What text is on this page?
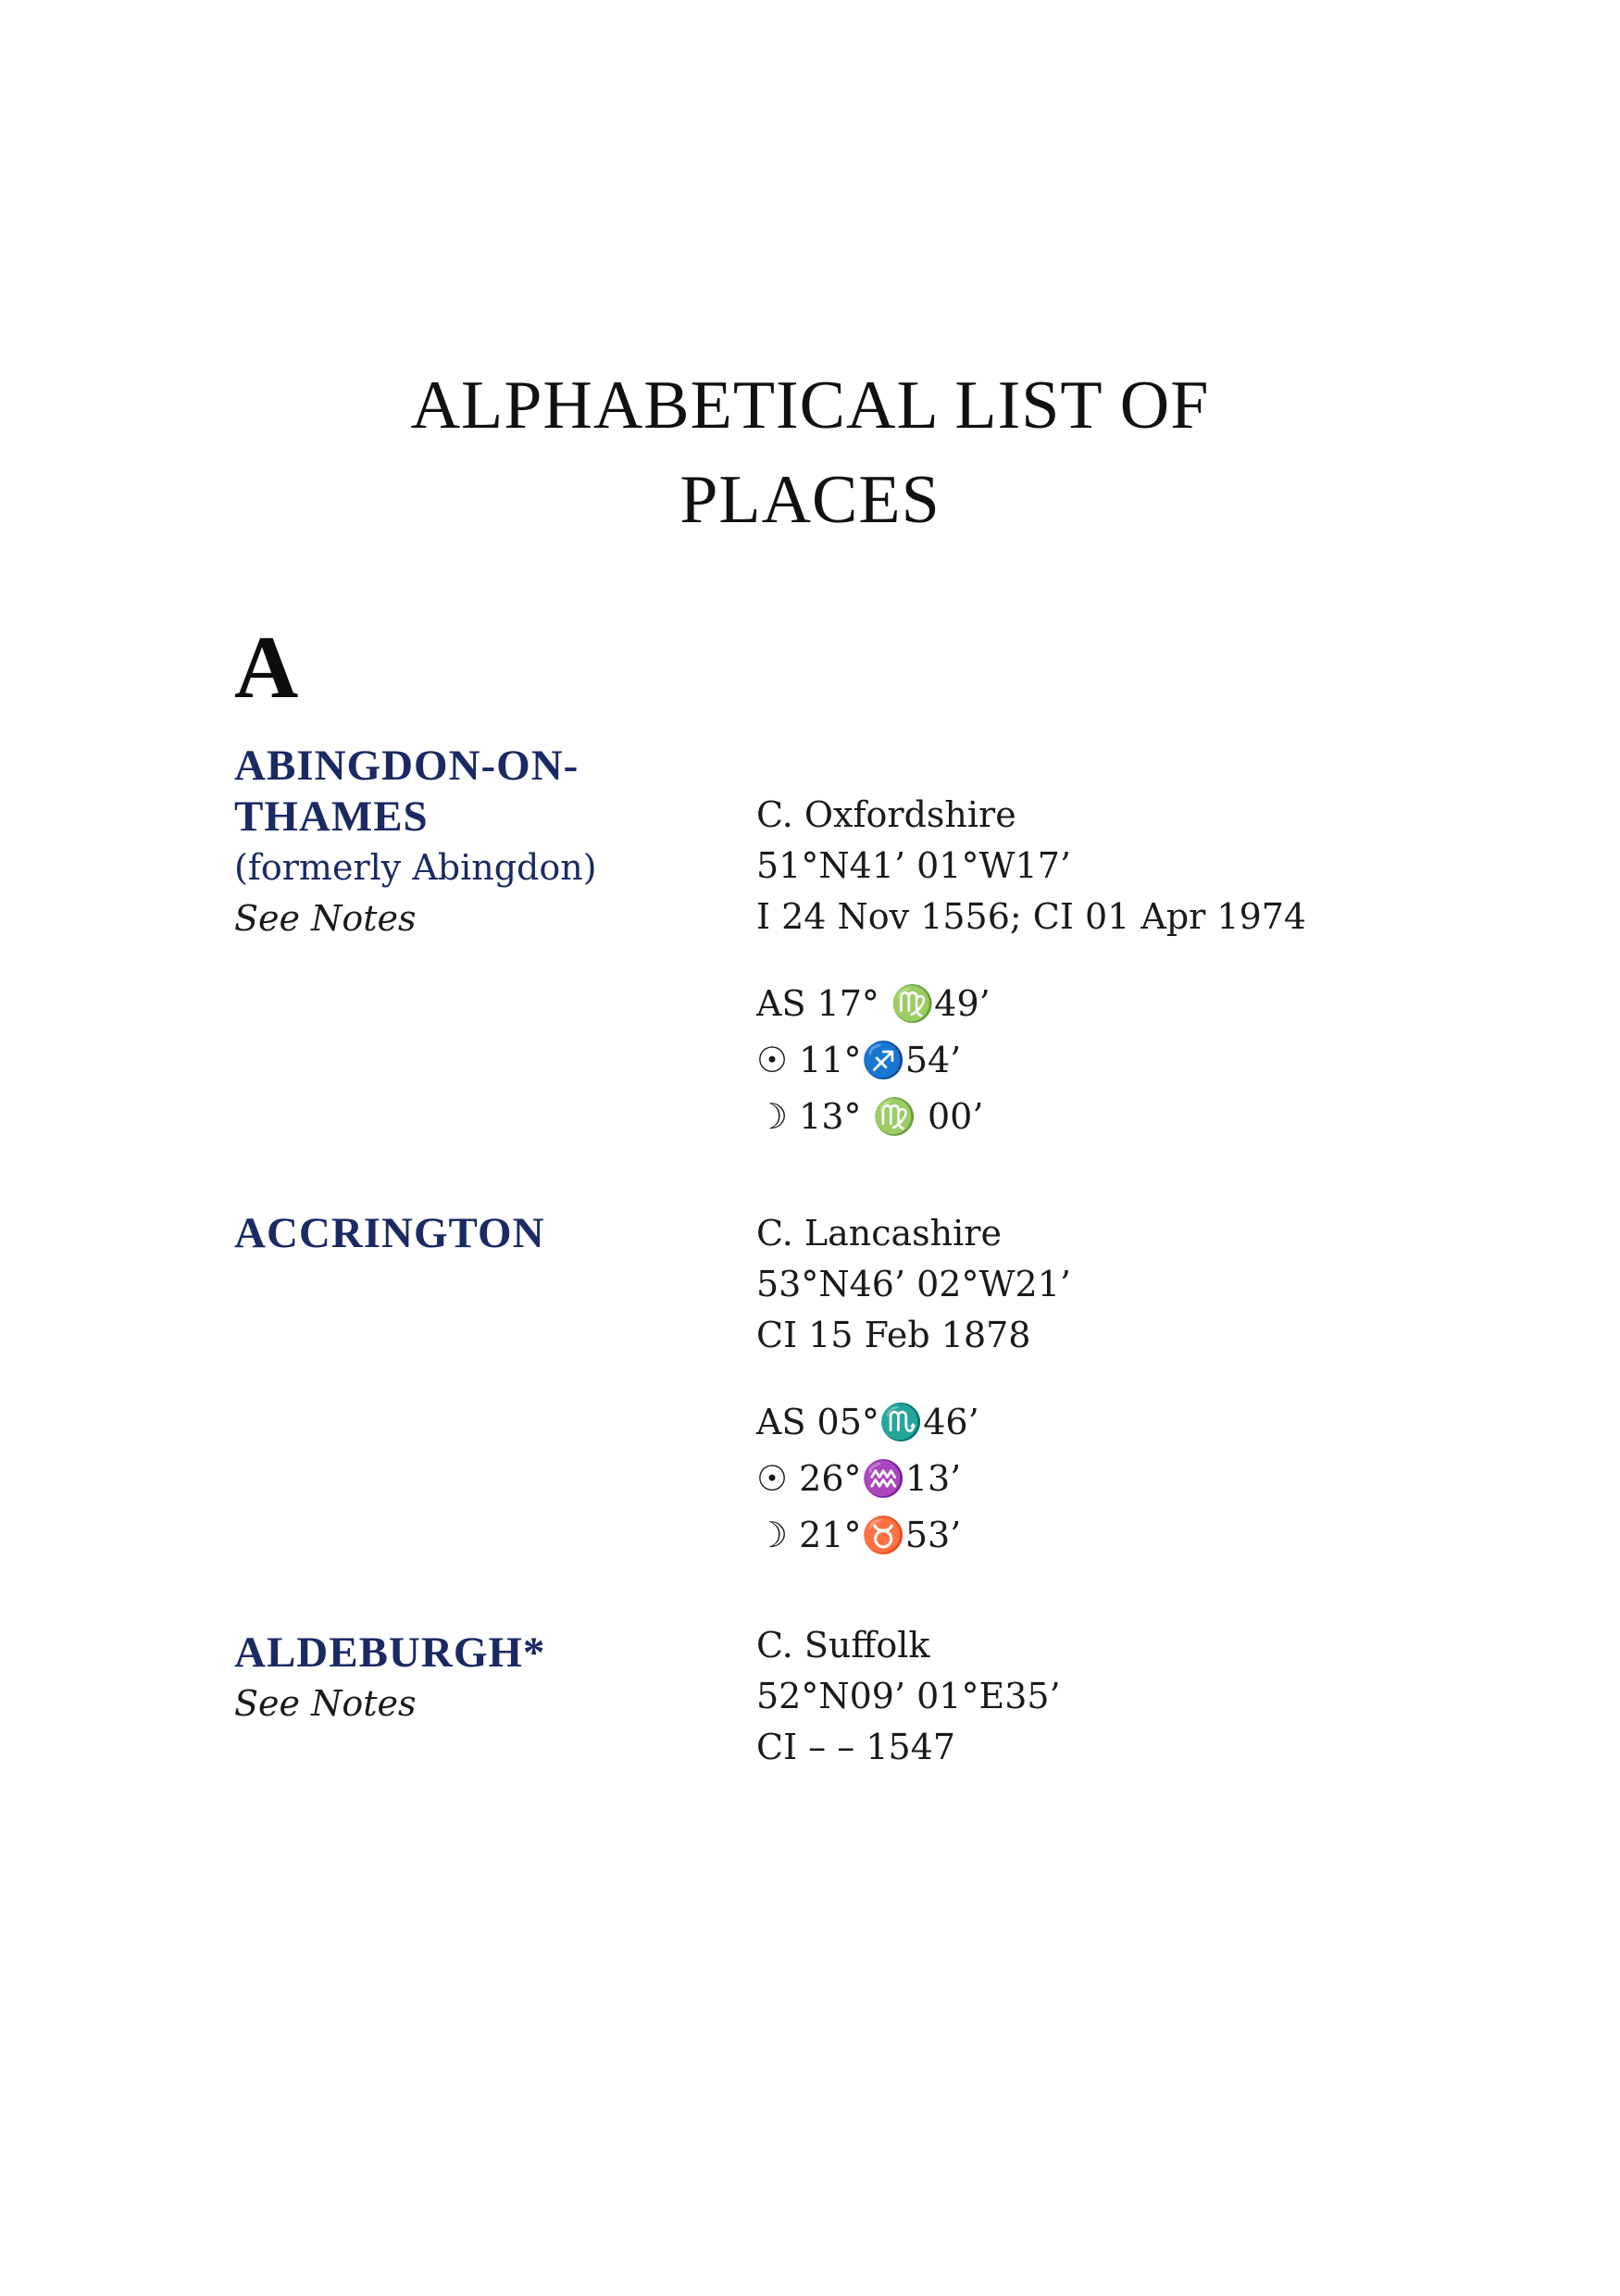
ALPHABETICAL LIST OF
PLACES
A
ABINGDON-ON-
THAMES
(formerly Abingdon)
See Notes
C. Oxfordshire
51°N41’ 01°W17’
I 24 Nov 1556; CI 01 Apr 1974
AS 17° ♍49’
☉ 11°♐54’
☽ 13° ♍ 00’
ACCRINGTON	C. Lancashire
53°N46’ 02°W21’
CI 15 Feb 1878
AS 05°♏46’
☉ 26°♒13’
☽ 21°♉53’
ALDEBURGH*
See Notes
C. Suffolk
52°N09’ 01°E35’
CI – – 1547
